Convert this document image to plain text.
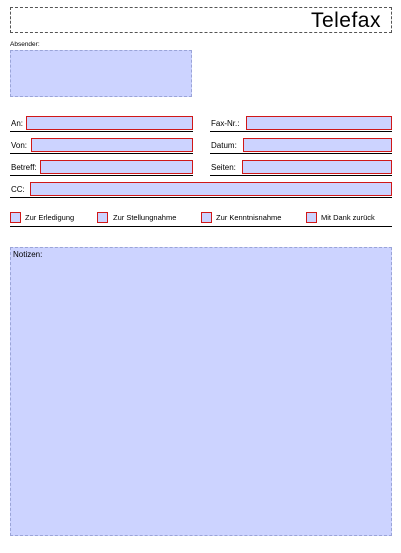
Telefax
Absender:
An:	Fax-Nr.:
Von:	Datum:
Betreff:	Seiten:
CC:
Zur Erledigung	Zur Stellungnahme	Zur Kenntnisnahme	Mit Dank zurück
Notizen:
